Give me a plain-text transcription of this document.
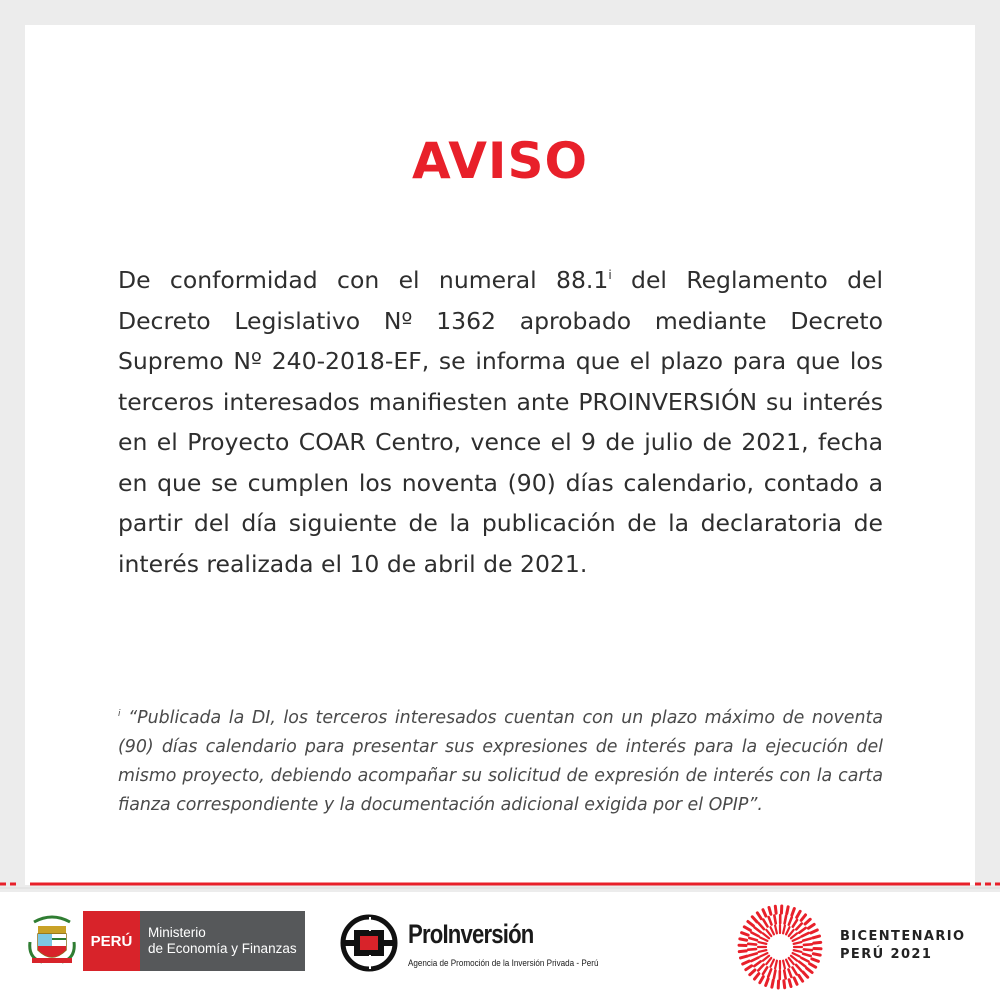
AVISO
De conformidad con el numeral 88.1$^i$ del Reglamento del Decreto Legislativo Nº 1362 aprobado mediante Decreto Supremo Nº 240-2018-EF, se informa que el plazo para que los terceros interesados manifiesten ante PROINVERSIÓN su interés en el Proyecto COAR Centro, vence el 9 de julio de 2021, fecha en que se cumplen los noventa (90) días calendario, contado a partir del día siguiente de la publicación de la declaratoria de interés realizada el 10 de abril de 2021.
$^i$ “Publicada la DI, los terceros interesados cuentan con un plazo máximo de noventa (90) días calendario para presentar sus expresiones de interés para la ejecución del mismo proyecto, debiendo acompañar su solicitud de expresión de interés con la carta fianza correspondiente y la documentación adicional exigida por el OPIP”.
PERÚ	Ministerio
de Economía y Finanzas	ProInversión
Agencia de Promoción de la Inversión Privada - Perú
BICENTENARIO
PERÚ 2021
